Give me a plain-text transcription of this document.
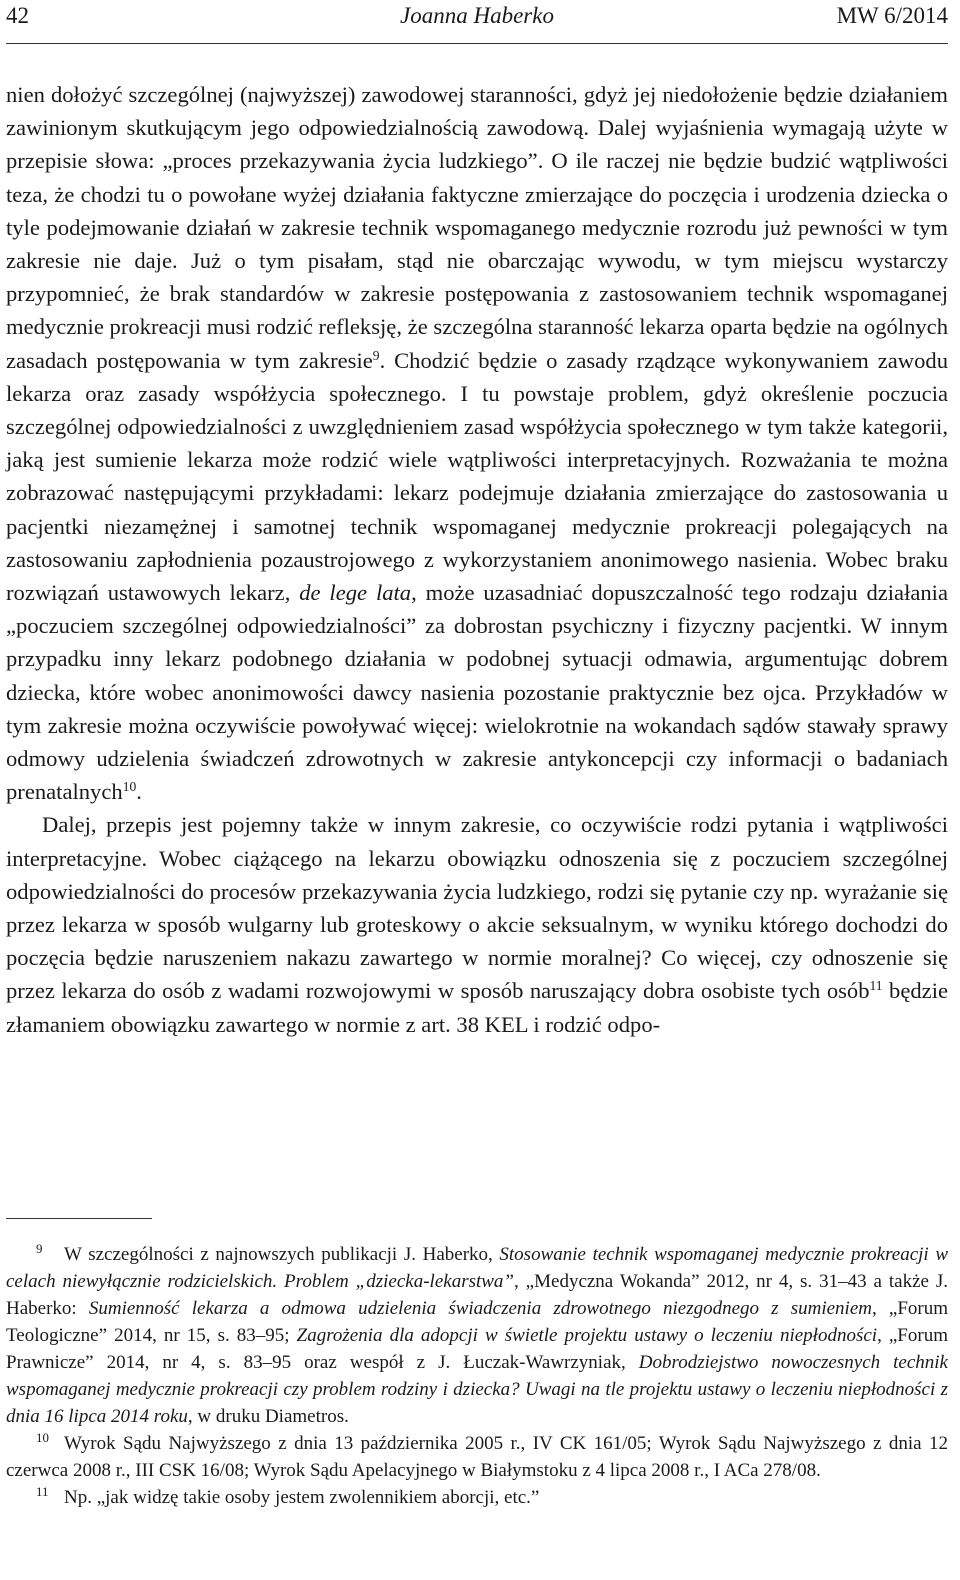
42	Joanna Haberko	MW 6/2014

nien dołożyć szczególnej (najwyższej) zawodowej staranności, gdyż jej niedołożenie będzie działaniem zawinionym skutkującym jego odpowiedzialnością zawodową. Dalej wyjaśnienia wymagają użyte w przepisie słowa: „proces przekazywania życia ludzkiego”. O ile raczej nie będzie budzić wątpliwości teza, że chodzi tu o powołane wyżej działania faktyczne zmierzające do poczęcia i urodzenia dziecka o tyle podejmowanie działań w zakresie technik wspomaganego medycznie rozrodu już pewności w tym zakresie nie daje. Już o tym pisałam, stąd nie obarczając wywodu, w tym miejscu wystarczy przypomnieć, że brak standardów w zakresie postępowania z zastosowaniem technik wspomaganej medycznie prokreacji musi rodzić refleksję, że szczególna staranność lekarza oparta będzie na ogólnych zasadach postępowania w tym zakresie$^9$. Chodzić będzie o zasady rządzące wykonywaniem zawodu lekarza oraz zasady współżycia społecznego. I tu powstaje problem, gdyż określenie poczucia szczególnej odpowiedzialności z uwzględnieniem zasad współżycia społecznego w tym także kategorii, jaką jest sumienie lekarza może rodzić wiele wątpliwości interpretacyjnych. Rozważania te można zobrazować następującymi przykładami: lekarz podejmuje działania zmierzające do zastosowania u pacjentki niezamężnej i samotnej technik wspomaganej medycznie prokreacji polegających na zastosowaniu zapłodnienia pozaustrojowego z wykorzystaniem anonimowego nasienia. Wobec braku rozwiązań ustawowych lekarz, de lege lata, może uzasadniać dopuszczalność tego rodzaju działania „poczuciem szczególnej odpowiedzialności” za dobrostan psychiczny i fizyczny pacjentki. W innym przypadku inny lekarz podobnego działania w podobnej sytuacji odmawia, argumentując dobrem dziecka, które wobec anonimowości dawcy nasienia pozostanie praktycznie bez ojca. Przykładów w tym zakresie można oczywiście powoływać więcej: wielokrotnie na wokandach sądów stawały sprawy odmowy udzielenia świadczeń zdrowotnych w zakresie antykoncepcji czy informacji o badaniach prenatalnych$^{10}$.

Dalej, przepis jest pojemny także w innym zakresie, co oczywiście rodzi pytania i wątpliwości interpretacyjne. Wobec ciążącego na lekarzu obowiązku odnoszenia się z poczuciem szczególnej odpowiedzialności do procesów przekazywania życia ludzkiego, rodzi się pytanie czy np. wyrażanie się przez lekarza w sposób wulgarny lub groteskowy o akcie seksualnym, w wyniku którego dochodzi do poczęcia będzie naruszeniem nakazu zawartego w normie moralnej? Co więcej, czy odnoszenie się przez lekarza do osób z wadami rozwojowymi w sposób naruszający dobra osobiste tych osób$^{11}$ będzie złamaniem obowiązku zawartego w normie z art. 38 KEL i rodzić odpo-

9 W szczególności z najnowszych publikacji J. Haberko, Stosowanie technik wspomaganej medycznie prokreacji w celach niewyłącznie rodzicielskich. Problem „dziecka-lekarstwa”, „Medyczna Wokanda” 2012, nr 4, s. 31–43 a także J. Haberko: Sumienność lekarza a odmowa udzielenia świadczenia zdrowotnego niezgodnego z sumieniem, „Forum Teologiczne” 2014, nr 15, s. 83–95; Zagrożenia dla adopcji w świetle projektu ustawy o leczeniu niepłodności, „Forum Prawnicze” 2014, nr 4, s. 83–95 oraz wespół z J. Łuczak-Wawrzyniak, Dobrodziejstwo nowoczesnych technik wspomaganej medycznie prokreacji czy problem rodziny i dziecka? Uwagi na tle projektu ustawy o leczeniu niepłodności z dnia 16 lipca 2014 roku, w druku Diametros.

10 Wyrok Sądu Najwyższego z dnia 13 października 2005 r., IV CK 161/05; Wyrok Sądu Najwyższego z dnia 12 czerwca 2008 r., III CSK 16/08; Wyrok Sądu Apelacyjnego w Białymstoku z 4 lipca 2008 r., I ACa 278/08.

11 Np. „jak widzę takie osoby jestem zwolennikiem aborcji, etc.”
